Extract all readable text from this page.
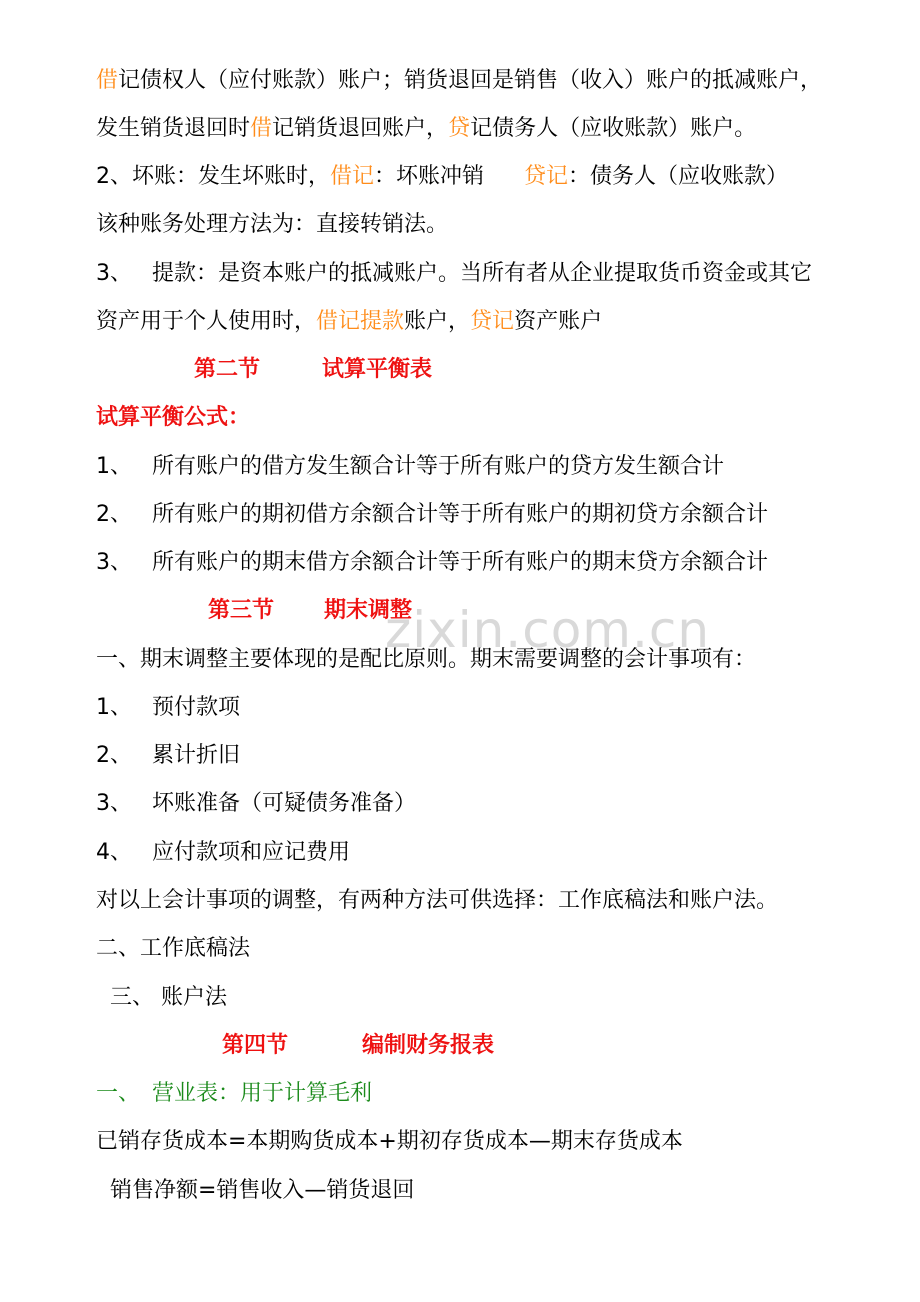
zixin.com.cn
借记债权人（应付账款）账户；销货退回是销售（收入）账户的抵减账户，
发生销货退回时借记销货退回账户，贷记债务人（应收账款）账户。
2、坏账：发生坏账时，借记：坏账冲销 贷记：债务人（应收账款）
该种账务处理方法为：直接转销法。
3、 提款：是资本账户的抵减账户。当所有者从企业提取货币资金或其它
资产用于个人使用时，借记提款账户，贷记资产账户
第二节	试算平衡表
试算平衡公式：
1、 所有账户的借方发生额合计等于所有账户的贷方发生额合计
2、 所有账户的期初借方余额合计等于所有账户的期初贷方余额合计
3、 所有账户的期末借方余额合计等于所有账户的期末贷方余额合计
第三节 期末调整
一、期末调整主要体现的是配比原则。期末需要调整的会计事项有：
1、 预付款项
2、 累计折旧
3、 坏账准备（可疑债务准备）
4、 应付款项和应记费用
对以上会计事项的调整，有两种方法可供选择：工作底稿法和账户法。
二、工作底稿法
三、 账户法
第四节	编制财务报表
一、 营业表：用于计算毛利
已销存货成本=本期购货成本+期初存货成本—期末存货成本
销售净额=销售收入—销货退回
